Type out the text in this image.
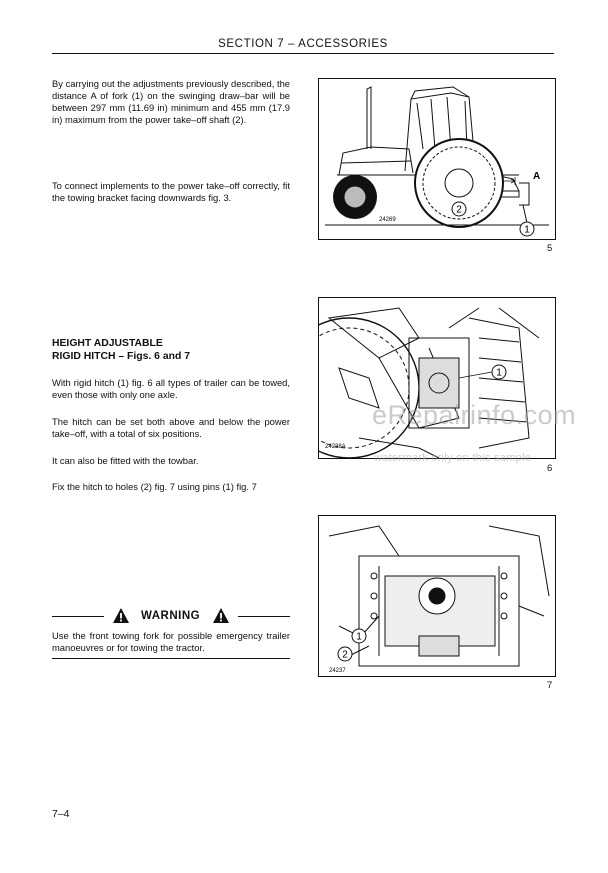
SECTION 7 – ACCESSORIES
By carrying out the adjustments previously described, the distance A of fork (1) on the swinging draw–bar will be between 297 mm (11.69 in) minimum and 455 mm (17.9 in) maximum from the power take–off shaft (2).
To connect implements to the power take–off correctly, fit the towing bracket facing downwards fig. 3.
HEIGHT ADJUSTABLE
RIGID HITCH – Figs. 6 and 7
With rigid hitch (1) fig. 6 all types of trailer can be towed, even those with only one axle.
The hitch can be set both above and below the power take–off, with a total of six positions.
It can also be fitted with the towbar.
Fix the hitch to holes (2) fig. 7 using pins (1) fig. 7
WARNING
Use the front towing fork for possible emergency trailer manoeuvres or for towing the tractor.
2
1
A
24269
5
1
24238A
6
1
2
24237
7
eRepairinfo.com
watermark only on this sample
7–4
